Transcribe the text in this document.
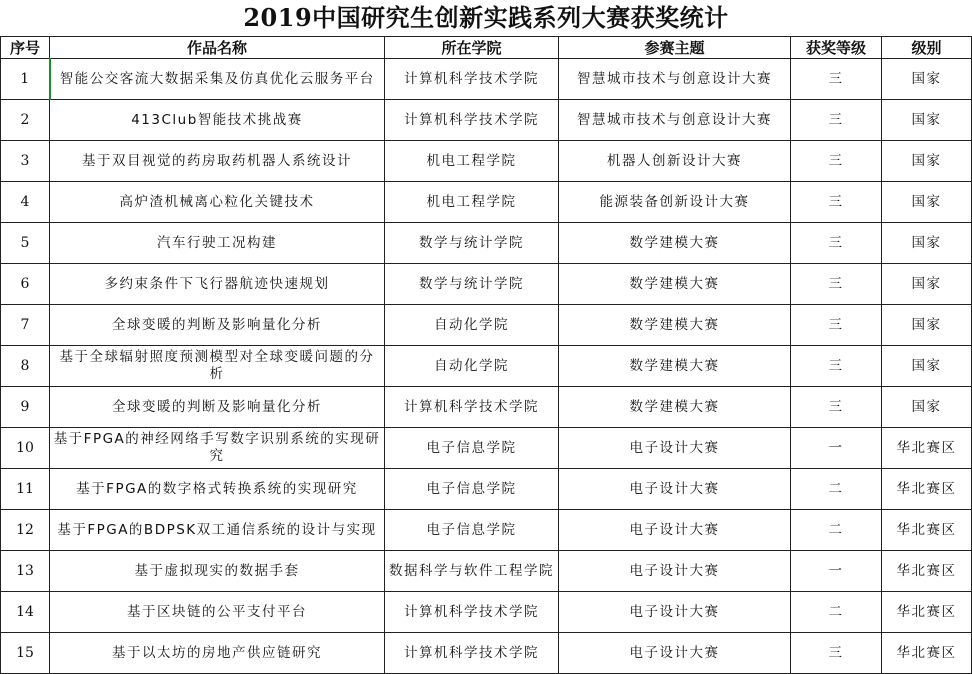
2019中国研究生创新实践系列大赛获奖统计
序号	作品名称	所在学院	参赛主题	获奖等级	级别
1	智能公交客流大数据采集及仿真优化云服务平台	计算机科学技术学院	智慧城市技术与创意设计大赛	三	国家
2	413Club智能技术挑战赛	计算机科学技术学院	智慧城市技术与创意设计大赛	三	国家
3	基于双目视觉的药房取药机器人系统设计	机电工程学院	机器人创新设计大赛	三	国家
4	高炉渣机械离心粒化关键技术	机电工程学院	能源装备创新设计大赛	三	国家
5	汽车行驶工况构建	数学与统计学院	数学建模大赛	三	国家
6	多约束条件下飞行器航迹快速规划	数学与统计学院	数学建模大赛	三	国家
7	全球变暖的判断及影响量化分析	自动化学院	数学建模大赛	三	国家
8	基于全球辐射照度预测模型对全球变暖问题的分析	自动化学院	数学建模大赛	三	国家
9	全球变暖的判断及影响量化分析	计算机科学技术学院	数学建模大赛	三	国家
10	基于FPGA的神经网络手写数字识别系统的实现研究	电子信息学院	电子设计大赛	一	华北赛区
11	基于FPGA的数字格式转换系统的实现研究	电子信息学院	电子设计大赛	二	华北赛区
12	基于FPGA的BDPSK双工通信系统的设计与实现	电子信息学院	电子设计大赛	二	华北赛区
13	基于虚拟现实的数据手套	数据科学与软件工程学院	电子设计大赛	一	华北赛区
14	基于区块链的公平支付平台	计算机科学技术学院	电子设计大赛	二	华北赛区
15	基于以太坊的房地产供应链研究	计算机科学技术学院	电子设计大赛	三	华北赛区
